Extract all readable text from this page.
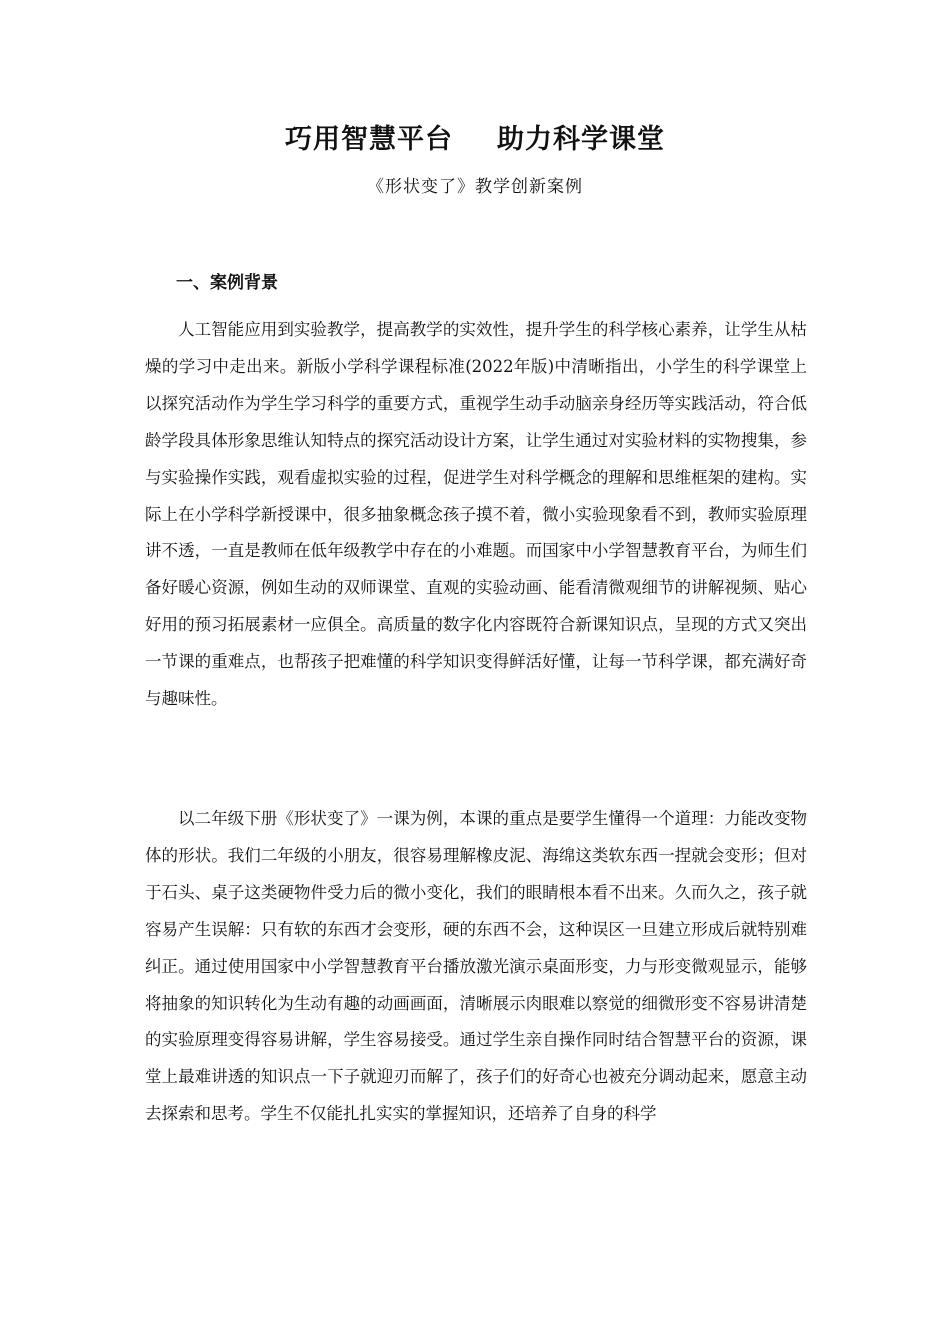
巧用智慧平台 助力科学课堂
《形状变了》教学创新案例
一、案例背景

人工智能应用到实验教学，提高教学的实效性，提升学生的科学核心素养，让学生从枯燥的学习中走出来。新版小学科学课程标准(2022年版)中清晰指出，小学生的科学课堂上以探究活动作为学生学习科学的重要方式，重视学生动手动脑亲身经历等实践活动，符合低龄学段具体形象思维认知特点的探究活动设计方案，让学生通过对实验材料的实物搜集，参与实验操作实践，观看虚拟实验的过程，促进学生对科学概念的理解和思维框架的建构。实际上在小学科学新授课中，很多抽象概念孩子摸不着，微小实验现象看不到，教师实验原理讲不透，一直是教师在低年级教学中存在的小难题。而国家中小学智慧教育平台，为师生们备好暖心资源，例如生动的双师课堂、直观的实验动画、能看清微观细节的讲解视频、贴心好用的预习拓展素材一应俱全。高质量的数字化内容既符合新课知识点，呈现的方式又突出一节课的重难点，也帮孩子把难懂的科学知识变得鲜活好懂，让每一节科学课，都充满好奇与趣味性。

以二年级下册《形状变了》一课为例，本课的重点是要学生懂得一个道理：力能改变物体的形状。我们二年级的小朋友，很容易理解橡皮泥、海绵这类软东西一捏就会变形；但对于石头、桌子这类硬物件受力后的微小变化，我们的眼睛根本看不出来。久而久之，孩子就容易产生误解：只有软的东西才会变形，硬的东西不会，这种误区一旦建立形成后就特别难纠正。通过使用国家中小学智慧教育平台播放激光演示桌面形变，力与形变微观显示，能够将抽象的知识转化为生动有趣的动画画面，清晰展示肉眼难以察觉的细微形变不容易讲清楚的实验原理变得容易讲解，学生容易接受。通过学生亲自操作同时结合智慧平台的资源，课堂上最难讲透的知识点一下子就迎刃而解了，孩子们的好奇心也被充分调动起来，愿意主动去探索和思考。学生不仅能扎扎实实的掌握知识，还培养了自身的科学
